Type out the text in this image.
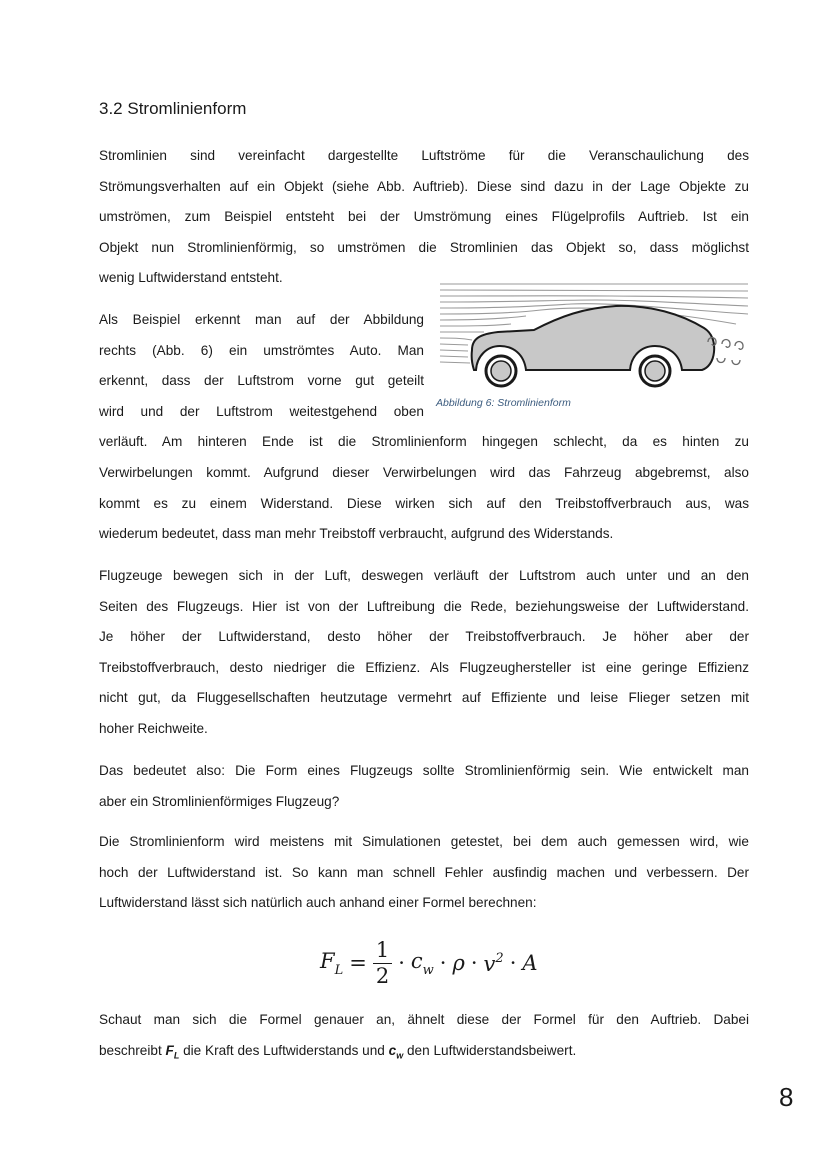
3.2 Stromlinienform
Stromlinien sind vereinfacht dargestellte Luftströme für die Veranschaulichung des
Strömungsverhalten auf ein Objekt (siehe Abb. Auftrieb). Diese sind dazu in der Lage Objekte zu
umströmen, zum Beispiel entsteht bei der Umströmung eines Flügelprofils Auftrieb. Ist ein
Objekt nun Stromlinienförmig, so umströmen die Stromlinien das Objekt so, dass möglichst
wenig Luftwiderstand entsteht.
Als Beispiel erkennt man auf der Abbildung
rechts (Abb. 6) ein umströmtes Auto. Man
erkennt, dass der Luftstrom vorne gut geteilt
wird und der Luftstrom weitestgehend oben
verläuft. Am hinteren Ende ist die Stromlinienform hingegen schlecht, da es hinten zu
Verwirbelungen kommt. Aufgrund dieser Verwirbelungen wird das Fahrzeug abgebremst, also
kommt es zu einem Widerstand. Diese wirken sich auf den Treibstoffverbrauch aus, was
wiederum bedeutet, dass man mehr Treibstoff verbraucht, aufgrund des Widerstands.

Abbildung 6: Stromlinienform

Flugzeuge bewegen sich in der Luft, deswegen verläuft der Luftstrom auch unter und an den
Seiten des Flugzeugs. Hier ist von der Luftreibung die Rede, beziehungsweise der Luftwiderstand.
Je höher der Luftwiderstand, desto höher der Treibstoffverbrauch. Je höher aber der
Treibstoffverbrauch, desto niedriger die Effizienz. Als Flugzeughersteller ist eine geringe Effizienz
nicht gut, da Fluggesellschaften heutzutage vermehrt auf Effiziente und leise Flieger setzen mit
hoher Reichweite.
Das bedeutet also: Die Form eines Flugzeugs sollte Stromlinienförmig sein. Wie entwickelt man
aber ein Stromlinienförmiges Flugzeug?
Die Stromlinienform wird meistens mit Simulationen getestet, bei dem auch gemessen wird, wie
hoch der Luftwiderstand ist. So kann man schnell Fehler ausfindig machen und verbessern. Der
Luftwiderstand lässt sich natürlich auch anhand einer Formel berechnen:
$F_L = \frac{1}{2} \cdot c_w \cdot \rho \cdot v^2 \cdot A$
Schaut man sich die Formel genauer an, ähnelt diese der Formel für den Auftrieb. Dabei
beschreibt $F_L$ die Kraft des Luftwiderstands und $c_w$ den Luftwiderstandsbeiwert.

8
